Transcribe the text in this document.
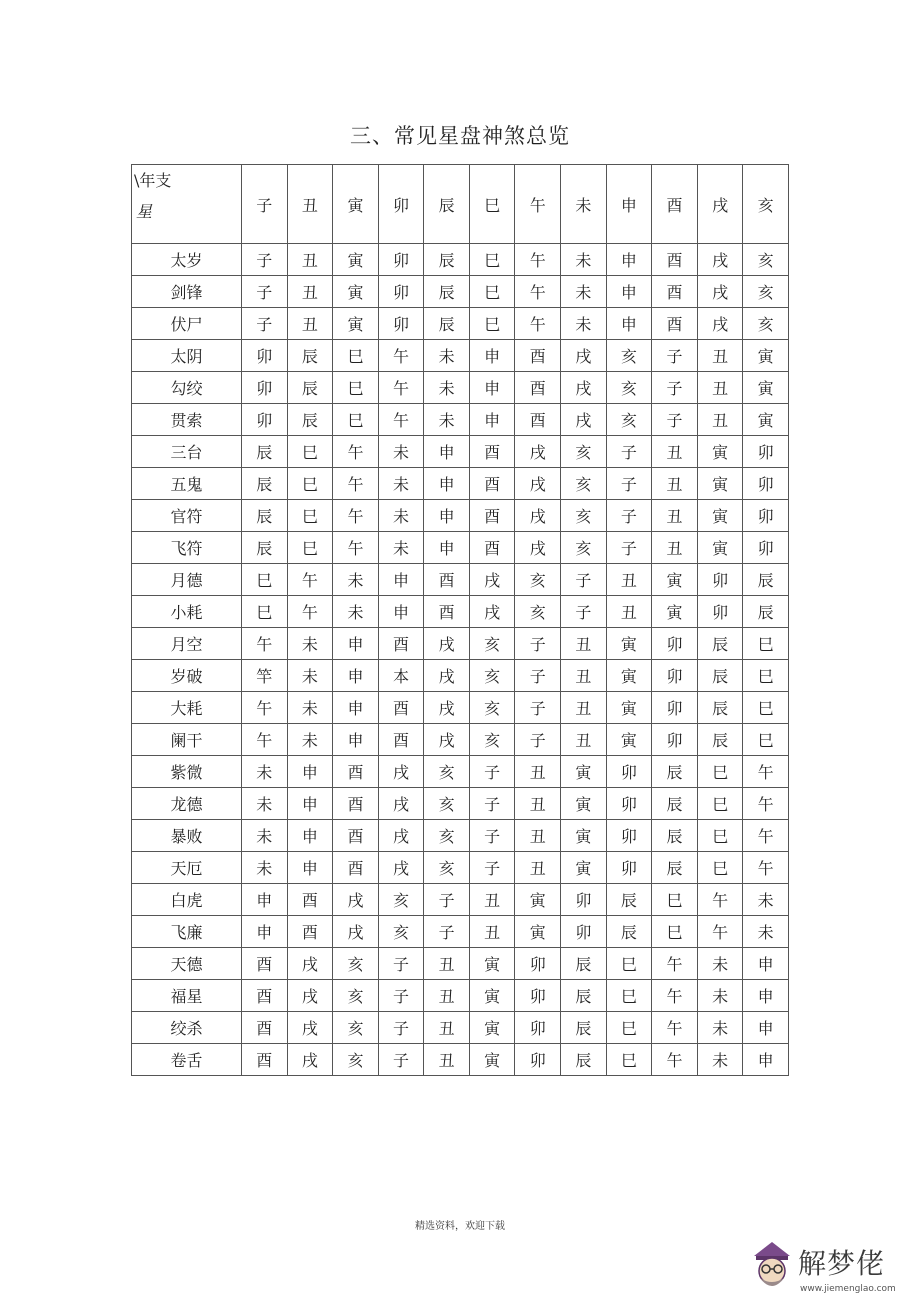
三、常见星盘神煞总览
\年支
星	子	丑	寅	卯	辰	巳	午	未	申	酉	戌	亥
太岁	子	丑	寅	卯	辰	巳	午	未	申	酉	戌	亥
剑锋	子	丑	寅	卯	辰	巳	午	未	申	酉	戌	亥
伏尸	子	丑	寅	卯	辰	巳	午	未	申	酉	戌	亥
太阴	卯	辰	巳	午	未	申	酉	戌	亥	子	丑	寅
勾绞	卯	辰	巳	午	未	申	酉	戌	亥	子	丑	寅
贯索	卯	辰	巳	午	未	申	酉	戌	亥	子	丑	寅
三台	辰	巳	午	未	申	酉	戌	亥	子	丑	寅	卯
五鬼	辰	巳	午	未	申	酉	戌	亥	子	丑	寅	卯
官符	辰	巳	午	未	申	酉	戌	亥	子	丑	寅	卯
飞符	辰	巳	午	未	申	酉	戌	亥	子	丑	寅	卯
月德	巳	午	未	申	酉	戌	亥	子	丑	寅	卯	辰
小耗	巳	午	未	申	酉	戌	亥	子	丑	寅	卯	辰
月空	午	未	申	酉	戌	亥	子	丑	寅	卯	辰	巳
岁破	竿	未	申	本	戌	亥	子	丑	寅	卯	辰	巳
大耗	午	未	申	酉	戌	亥	子	丑	寅	卯	辰	巳
阑干	午	未	申	酉	戌	亥	子	丑	寅	卯	辰	巳
紫微	未	申	酉	戌	亥	子	丑	寅	卯	辰	巳	午
龙德	未	申	酉	戌	亥	子	丑	寅	卯	辰	巳	午
暴败	未	申	酉	戌	亥	子	丑	寅	卯	辰	巳	午
天厄	未	申	酉	戌	亥	子	丑	寅	卯	辰	巳	午
白虎	申	酉	戌	亥	子	丑	寅	卯	辰	巳	午	未
飞廉	申	酉	戌	亥	子	丑	寅	卯	辰	巳	午	未
天德	酉	戌	亥	子	丑	寅	卯	辰	巳	午	未	申
福星	酉	戌	亥	子	丑	寅	卯	辰	巳	午	未	申
绞杀	酉	戌	亥	子	丑	寅	卯	辰	巳	午	未	申
卷舌	酉	戌	亥	子	丑	寅	卯	辰	巳	午	未	申
精选资料，欢迎下载
解梦佬
www.jiemenglao.com
